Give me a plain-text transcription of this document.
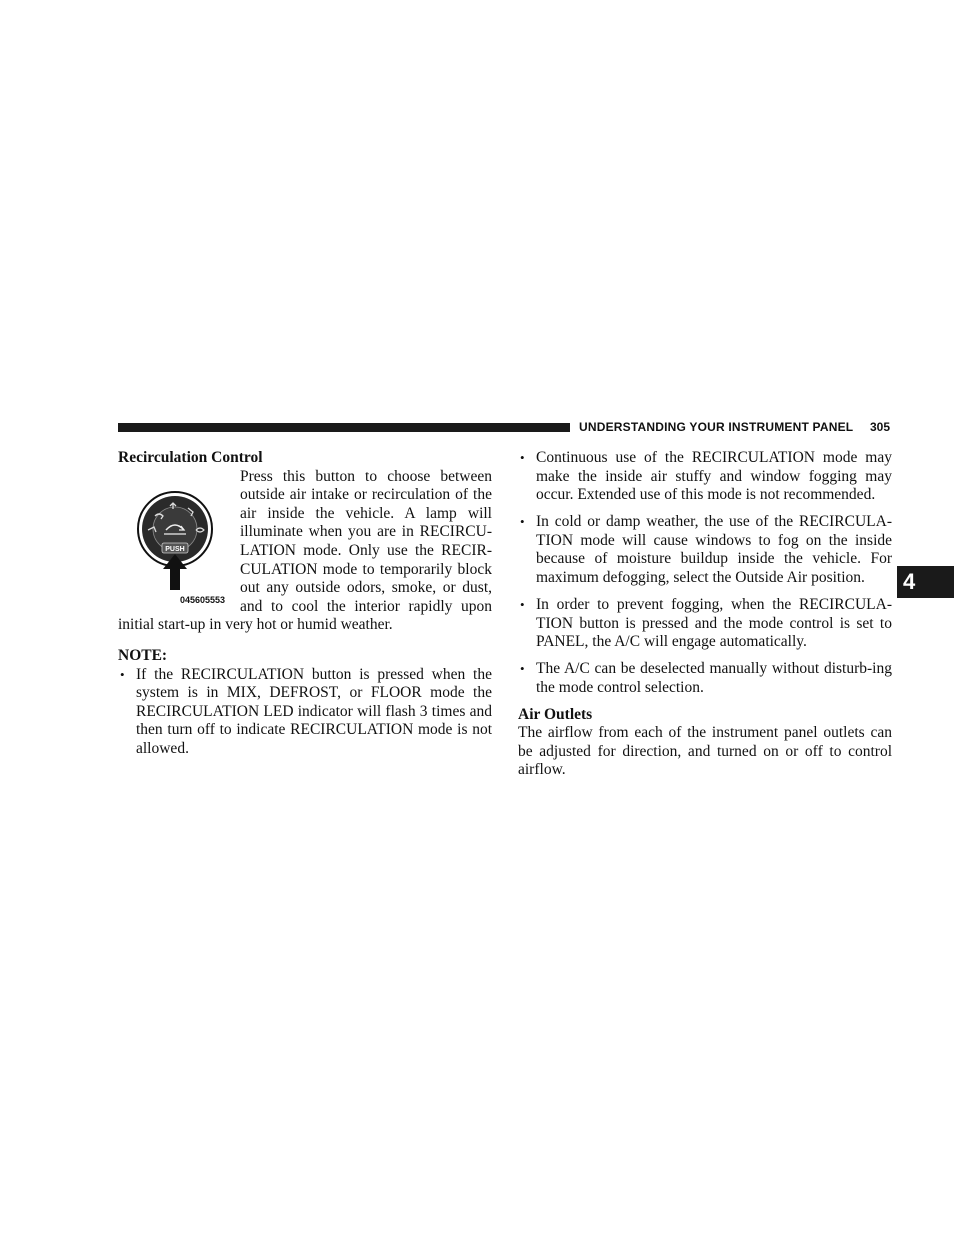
UNDERSTANDING YOUR INSTRUMENT PANEL 305
4
Recirculation Control
PUSH
045605553

Press this button to choose between outside air intake or recirculation of the air inside the vehicle. A lamp will illuminate when you are in RECIRCU-LATION mode. Only use the RECIR-CULATION mode to temporarily block out any outside odors, smoke, or dust, and to cool the interior rapidly upon initial start-up in very hot or humid weather.

NOTE:
• If the RECIRCULATION button is pressed when the system is in MIX, DEFROST, or FLOOR mode the RECIRCULATION LED indicator will flash 3 times and then turn off to indicate RECIRCULATION mode is not allowed.
• Continuous use of the RECIRCULATION mode may make the inside air stuffy and window fogging may occur. Extended use of this mode is not recommended.
• In cold or damp weather, the use of the RECIRCULA-TION mode will cause windows to fog on the inside because of moisture buildup inside the vehicle. For maximum defogging, select the Outside Air position.
• In order to prevent fogging, when the RECIRCULA-TION button is pressed and the mode control is set to PANEL, the A/C will engage automatically.
• The A/C can be deselected manually without disturb-ing the mode control selection.
Air Outlets

The airflow from each of the instrument panel outlets can be adjusted for direction, and turned on or off to control airflow.
